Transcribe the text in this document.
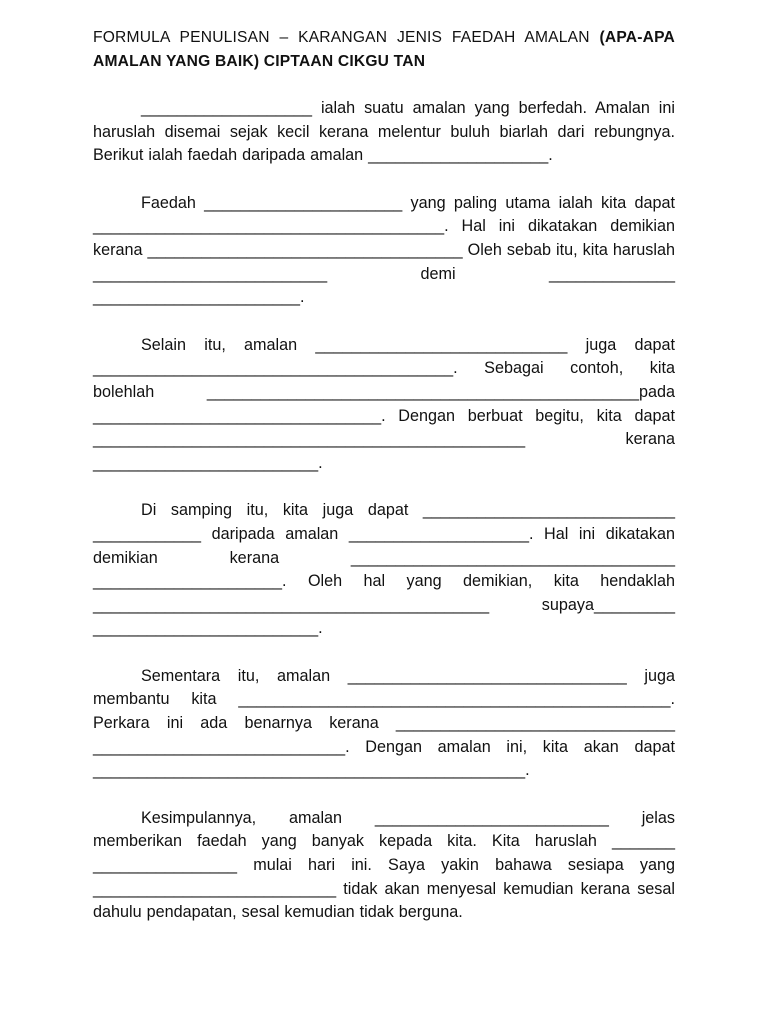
FORMULA PENULISAN – KARANGAN JENIS FAEDAH AMALAN (APA-APA AMALAN YANG BAIK) CIPTAAN CIKGU TAN

___________________ ialah suatu amalan yang berfedah. Amalan ini haruslah disemai sejak kecil kerana melentur buluh biarlah dari rebungnya. Berikut ialah faedah daripada amalan ____________________.

Faedah ______________________ yang paling utama ialah kita dapat _______________________________________. Hal ini dikatakan demikian kerana ___________________________________ Oleh sebab itu, kita haruslah __________________________ demi ______________ _______________________.

Selain itu, amalan ____________________________ juga dapat ________________________________________. Sebagai contoh, kita bolehlah ________________________________________________pada ________________________________. Dengan berbuat begitu, kita dapat ________________________________________________ kerana _________________________.

Di samping itu, kita juga dapat ____________________________ ____________ daripada amalan ____________________. Hal ini dikatakan demikian kerana ____________________________________ _____________________. Oleh hal yang demikian, kita hendaklah ____________________________________________ supaya_________ _________________________.

Sementara itu, amalan _______________________________ juga membantu kita ________________________________________________. Perkara ini ada benarnya kerana _______________________________ ____________________________. Dengan amalan ini, kita akan dapat ________________________________________________.

Kesimpulannya, amalan __________________________ jelas memberikan faedah yang banyak kepada kita. Kita haruslah _______ ________________ mulai hari ini. Saya yakin bahawa sesiapa yang ___________________________ tidak akan menyesal kemudian kerana sesal dahulu pendapatan, sesal kemudian tidak berguna.
